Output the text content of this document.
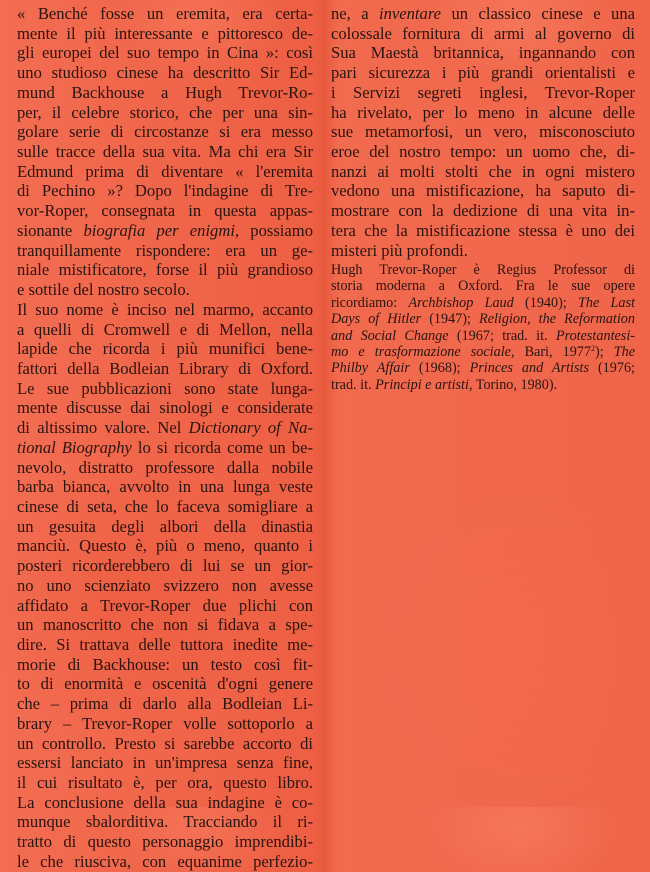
« Benché fosse un eremita, era certa-
mente il più interessante e pittoresco de-
gli europei del suo tempo in Cina »: così
uno studioso cinese ha descritto Sir Ed-
mund Backhouse a Hugh Trevor-Ro-
per, il celebre storico, che per una sin-
golare serie di circostanze si era messo
sulle tracce della sua vita. Ma chi era Sir
Edmund prima di diventare « l'eremita
di Pechino »? Dopo l'indagine di Tre-
vor-Roper, consegnata in questa appas-
sionante biografia per enigmi, possiamo
tranquillamente rispondere: era un ge-
niale mistificatore, forse il più grandioso
e sottile del nostro secolo.
Il suo nome è inciso nel marmo, accanto
a quelli di Cromwell e di Mellon, nella
lapide che ricorda i più munifici bene-
fattori della Bodleian Library di Oxford.
Le sue pubblicazioni sono state lunga-
mente discusse dai sinologi e considerate
di altissimo valore. Nel Dictionary of Na-
tional Biography lo si ricorda come un be-
nevolo, distratto professore dalla nobile
barba bianca, avvolto in una lunga veste
cinese di seta, che lo faceva somigliare a
un gesuita degli albori della dinastia
manciù. Questo è, più o meno, quanto i
posteri ricorderebbero di lui se un gior-
no uno scienziato svizzero non avesse
affidato a Trevor-Roper due plichi con
un manoscritto che non si fidava a spe-
dire. Si trattava delle tuttora inedite me-
morie di Backhouse: un testo così fit-
to di enormità e oscenità d'ogni genere
che – prima di darlo alla Bodleian Li-
brary – Trevor-Roper volle sottoporlo a
un controllo. Presto si sarebbe accorto di
essersi lanciato in un'impresa senza fine,
il cui risultato è, per ora, questo libro.
La conclusione della sua indagine è co-
munque sbalorditiva. Tracciando il ri-
tratto di questo personaggio imprendibi-
le che riusciva, con equanime perfezio-
ne, a inventare un classico cinese e una
colossale fornitura di armi al governo di
Sua Maestà britannica, ingannando con
pari sicurezza i più grandi orientalisti e
i Servizi segreti inglesi, Trevor-Roper
ha rivelato, per lo meno in alcune delle
sue metamorfosi, un vero, misconosciuto
eroe del nostro tempo: un uomo che, di-
nanzi ai molti stolti che in ogni mistero
vedono una mistificazione, ha saputo di-
mostrare con la dedizione di una vita in-
tera che la mistificazione stessa è uno dei
misteri più profondi.
Hugh Trevor-Roper è Regius Professor di
storia moderna a Oxford. Fra le sue opere
ricordiamo: Archbishop Laud (1940); The Last
Days of Hitler (1947); Religion, the Reformation
and Social Change (1967; trad. it. Protestantesi-
mo e trasformazione sociale, Bari, 1977$^2$); The
Philby Affair (1968); Princes and Artists (1976;
trad. it. Principi e artisti, Torino, 1980).
